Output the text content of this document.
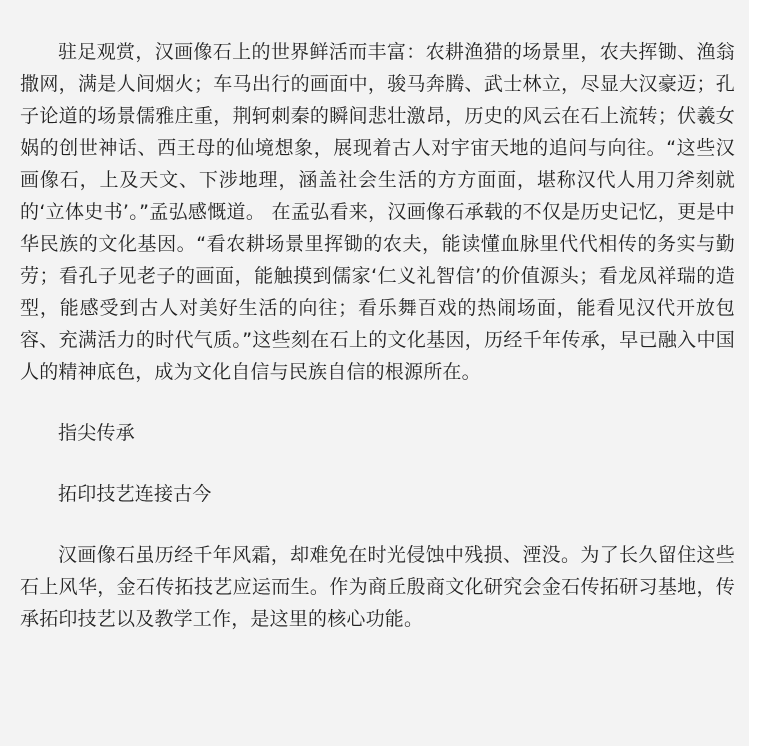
驻足观赏，汉画像石上的世界鲜活而丰富：农耕渔猎的场景里，农夫挥锄、渔翁撒网，满是人间烟火；车马出行的画面中，骏马奔腾、武士林立，尽显大汉豪迈；孔子论道的场景儒雅庄重，荆轲刺秦的瞬间悲壮激昂，历史的风云在石上流转；伏羲女娲的创世神话、西王母的仙境想象，展现着古人对宇宙天地的追问与向往。“这些汉画像石，上及天文、下涉地理，涵盖社会生活的方方面面，堪称汉代人用刀斧刻就的‘立体史书’。”孟弘感慨道。 在孟弘看来，汉画像石承载的不仅是历史记忆，更是中华民族的文化基因。“看农耕场景里挥锄的农夫，能读懂血脉里代代相传的务实与勤劳；看孔子见老子的画面，能触摸到儒家‘仁义礼智信’的价值源头；看龙凤祥瑞的造型，能感受到古人对美好生活的向往；看乐舞百戏的热闹场面，能看见汉代开放包容、充满活力的时代气质。”这些刻在石上的文化基因，历经千年传承，早已融入中国人的精神底色，成为文化自信与民族自信的根源所在。

指尖传承

拓印技艺连接古今

汉画像石虽历经千年风霜，却难免在时光侵蚀中残损、湮没。为了长久留住这些石上风华，金石传拓技艺应运而生。作为商丘殷商文化研究会金石传拓研习基地，传承拓印技艺以及教学工作，是这里的核心功能。
